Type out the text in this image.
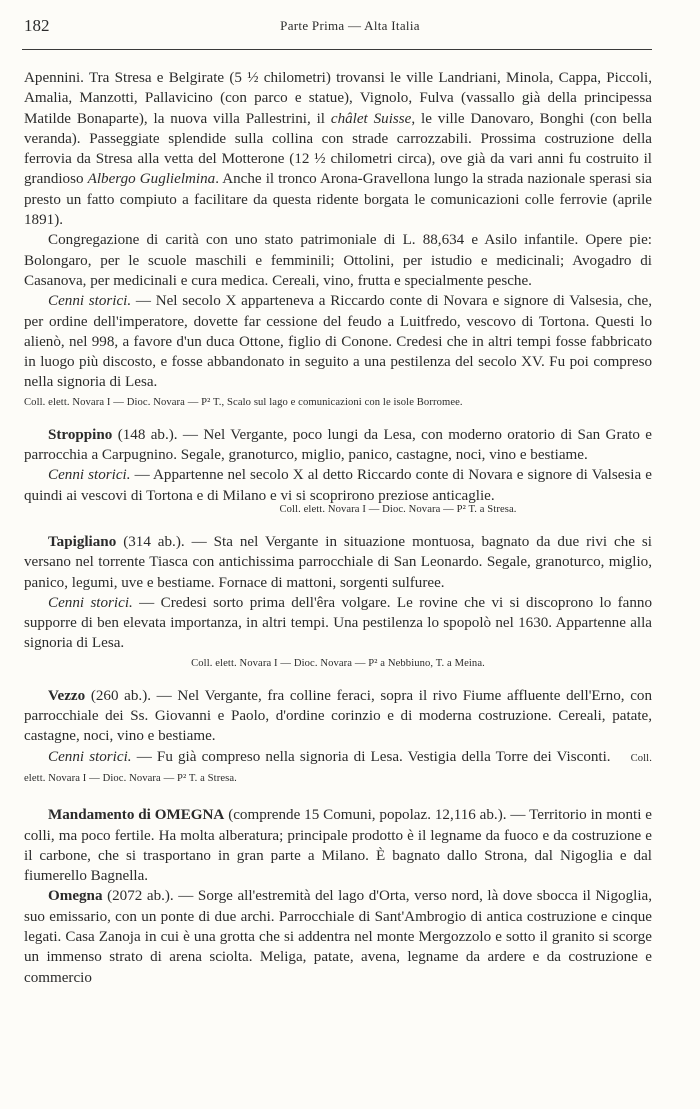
182	Parte Prima — Alta Italia

Apennini. Tra Stresa e Belgirate (5 ½ chilometri) trovansi le ville Landriani, Minola, Cappa, Piccoli, Amalia, Manzotti, Pallavicino (con parco e statue), Vignolo, Fulva (vassallo già della principessa Matilde Bonaparte), la nuova villa Pallestrini, il châlet Suisse, le ville Danovaro, Bonghi (con bella veranda). Passeggiate splendide sulla collina con strade carrozzabili. Prossima costruzione della ferrovia da Stresa alla vetta del Motterone (12 ½ chilometri circa), ove già da vari anni fu costruito il grandioso Albergo Guglielmina. Anche il tronco Arona-Gravellona lungo la strada nazionale sperasi sia presto un fatto compiuto a facilitare da questa ridente borgata le comunicazioni colle ferrovie (aprile 1891).

Congregazione di carità con uno stato patrimoniale di L. 88,634 e Asilo infantile. Opere pie: Bolongaro, per le scuole maschili e femminili; Ottolini, per istudio e medicinali; Avogadro di Casanova, per medicinali e cura medica. Cereali, vino, frutta e specialmente pesche.

Cenni storici. — Nel secolo X apparteneva a Riccardo conte di Novara e signore di Valsesia, che, per ordine dell'imperatore, dovette far cessione del feudo a Luitfredo, vescovo di Tortona. Questi lo alienò, nel 998, a favore d'un duca Ottone, figlio di Conone. Credesi che in altri tempi fosse fabbricato in luogo più discosto, e fosse abbandonato in seguito a una pestilenza del secolo XV. Fu poi compreso nella signoria di Lesa.

Coll. elett. Novara I — Dioc. Novara — P² T., Scalo sul lago e comunicazioni con le isole Borromee.

Stroppino (148 ab.). — Nel Vergante, poco lungi da Lesa, con moderno oratorio di San Grato e parrocchia a Carpugnino. Segale, granoturco, miglio, panico, castagne, noci, vino e bestiame.

Cenni storici. — Appartenne nel secolo X al detto Riccardo conte di Novara e signore di Valsesia e quindi ai vescovi di Tortona e di Milano e vi si scoprirono preziose anticaglie.

Coll. elett. Novara I — Dioc. Novara — P² T. a Stresa.

Tapigliano (314 ab.). — Sta nel Vergante in situazione montuosa, bagnato da due rivi che si versano nel torrente Tiasca con antichissima parrocchiale di San Leonardo. Segale, granoturco, miglio, panico, legumi, uve e bestiame. Fornace di mattoni, sorgenti sulfuree.

Cenni storici. — Credesi sorto prima dell'êra volgare. Le rovine che vi si discoprono lo fanno supporre di ben elevata importanza, in altri tempi. Una pestilenza lo spopolò nel 1630. Appartenne alla signoria di Lesa.

Coll. elett. Novara I — Dioc. Novara — P² a Nebbiuno, T. a Meina.

Vezzo (260 ab.). — Nel Vergante, fra colline feraci, sopra il rivo Fiume affluente dell'Erno, con parrocchiale dei Ss. Giovanni e Paolo, d'ordine corinzio e di moderna costruzione. Cereali, patate, castagne, noci, vino e bestiame.

Cenni storici. — Fu già compreso nella signoria di Lesa. Vestigia della Torre dei Visconti. Coll. elett. Novara I — Dioc. Novara — P² T. a Stresa.

Mandamento di OMEGNA (comprende 15 Comuni, popolaz. 12,116 ab.). — Territorio in monti e colli, ma poco fertile. Ha molta alberatura; principale prodotto è il legname da fuoco e da costruzione e il carbone, che si trasportano in gran parte a Milano. È bagnato dallo Strona, dal Nigoglia e dal fiumerello Bagnella.

Omegna (2072 ab.). — Sorge all'estremità del lago d'Orta, verso nord, là dove sbocca il Nigoglia, suo emissario, con un ponte di due archi. Parrocchiale di Sant'Ambrogio di antica costruzione e cinque legati. Casa Zanoja in cui è una grotta che si addentra nel monte Mergozzolo e sotto il granito si scorge un immenso strato di arena sciolta. Meliga, patate, avena, legname da ardere e da costruzione e commercio
